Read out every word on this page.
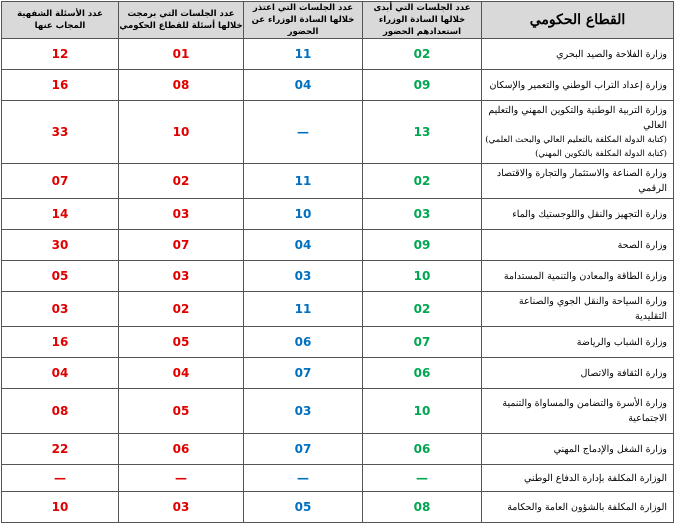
القطاع الحكومي	عدد الجلسات التي أبدى خلالها السادة الوزراء استعدادهم الحضور	عدد الجلسات التي اعتذر خلالها السادة الوزراء عن الحضور	عدد الجلسات التي برمجت خلالها أسئلة للقطاع الحكومي	عدد الأسئلة الشفهية المجاب عنها
وزارة الفلاحة والصيد البحري	02	11	01	12
وزارة إعداد التراب الوطني والتعمير والإسكان	09	04	08	16
وزارة التربية الوطنية والتكوين المهني والتعليم العالي
(كتابة الدولة المكلفة بالتعليم العالي والبحث العلمي)
(كتابة الدولة المكلفة بالتكوين المهني)	13	—	10	33
وزارة الصناعة والاستثمار والتجارة والاقتصاد الرقمي	02	11	02	07
وزارة التجهيز والنقل واللوجستيك والماء	03	10	03	14
وزارة الصحة	09	04	07	30
وزارة الطاقة والمعادن والتنمية المستدامة	10	03	03	05
وزارة السياحة والنقل الجوي والصناعة التقليدية	02	11	02	03
وزارة الشباب والرياضة	07	06	05	16
وزارة الثقافة والاتصال	06	07	04	04
وزارة الأسرة والتضامن والمساواة والتنمية الاجتماعية	10	03	05	08
وزارة الشغل والإدماج المهني	06	07	06	22
الوزارة المكلفة بإدارة الدفاع الوطني	—	—	—	—
الوزارة المكلفة بالشؤون العامة والحكامة	08	05	03	10
